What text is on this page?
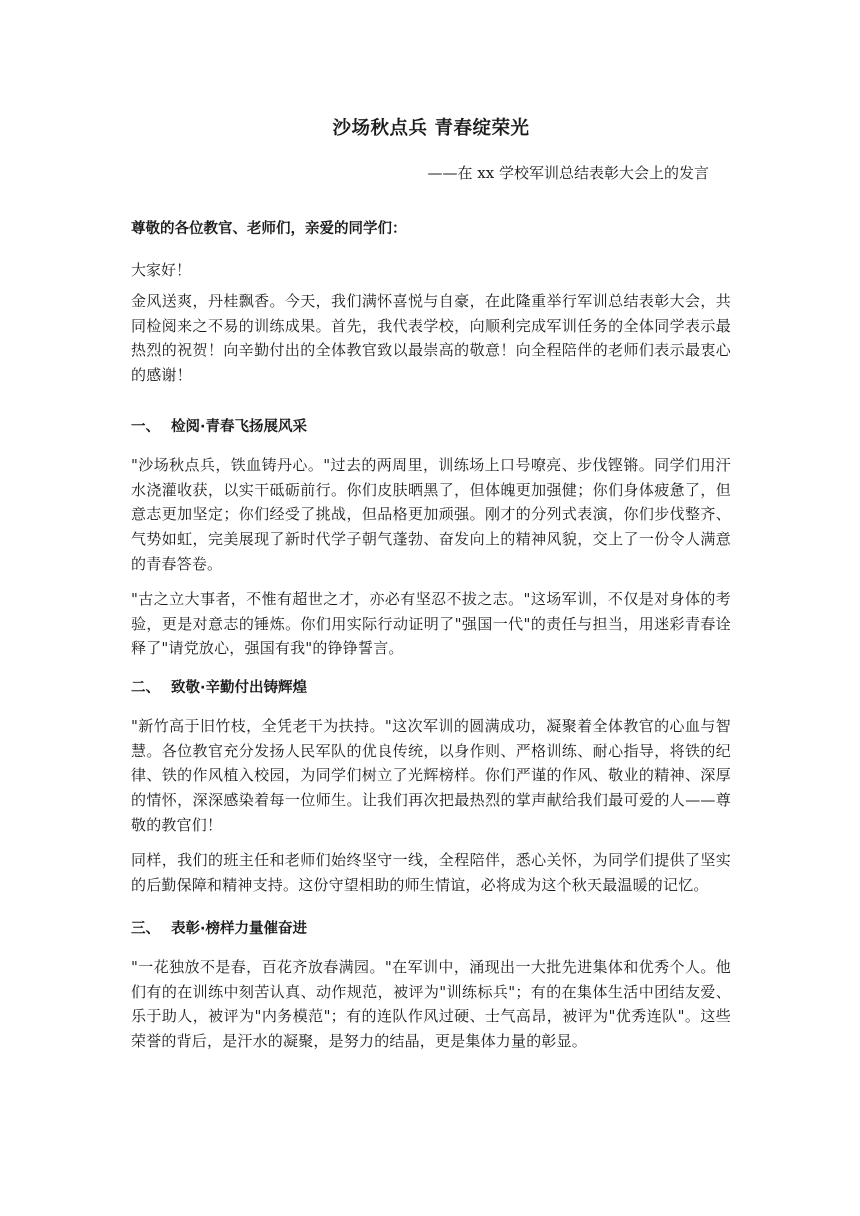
沙场秋点兵 青春绽荣光
——在 xx 学校军训总结表彰大会上的发言
尊敬的各位教官、老师们，亲爱的同学们：
大家好！

金风送爽，丹桂飘香。今天，我们满怀喜悦与自豪，在此隆重举行军训总结表彰大会，共同检阅来之不易的训练成果。首先，我代表学校，向顺利完成军训任务的全体同学表示最热烈的祝贺！向辛勤付出的全体教官致以最崇高的敬意！向全程陪伴的老师们表示最衷心的感谢！

一、 检阅·青春飞扬展风采

"沙场秋点兵，铁血铸丹心。"过去的两周里，训练场上口号嘹亮、步伐铿锵。同学们用汗水浇灌收获，以实干砥砺前行。你们皮肤晒黑了，但体魄更加强健；你们身体疲惫了，但意志更加坚定；你们经受了挑战，但品格更加顽强。刚才的分列式表演，你们步伐整齐、气势如虹，完美展现了新时代学子朝气蓬勃、奋发向上的精神风貌，交上了一份令人满意的青春答卷。

"古之立大事者，不惟有超世之才，亦必有坚忍不拔之志。"这场军训，不仅是对身体的考验，更是对意志的锤炼。你们用实际行动证明了"强国一代"的责任与担当，用迷彩青春诠释了"请党放心，强国有我"的铮铮誓言。

二、 致敬·辛勤付出铸辉煌

"新竹高于旧竹枝，全凭老干为扶持。"这次军训的圆满成功，凝聚着全体教官的心血与智慧。各位教官充分发扬人民军队的优良传统，以身作则、严格训练、耐心指导，将铁的纪律、铁的作风植入校园，为同学们树立了光辉榜样。你们严谨的作风、敬业的精神、深厚的情怀，深深感染着每一位师生。让我们再次把最热烈的掌声献给我们最可爱的人——尊敬的教官们！

同样，我们的班主任和老师们始终坚守一线，全程陪伴，悉心关怀，为同学们提供了坚实的后勤保障和精神支持。这份守望相助的师生情谊，必将成为这个秋天最温暖的记忆。

三、 表彰·榜样力量催奋进

"一花独放不是春，百花齐放春满园。"在军训中，涌现出一大批先进集体和优秀个人。他们有的在训练中刻苦认真、动作规范，被评为"训练标兵"；有的在集体生活中团结友爱、乐于助人，被评为"内务模范"；有的连队作风过硬、士气高昂，被评为"优秀连队"。这些荣誉的背后，是汗水的凝聚，是努力的结晶，更是集体力量的彰显。
